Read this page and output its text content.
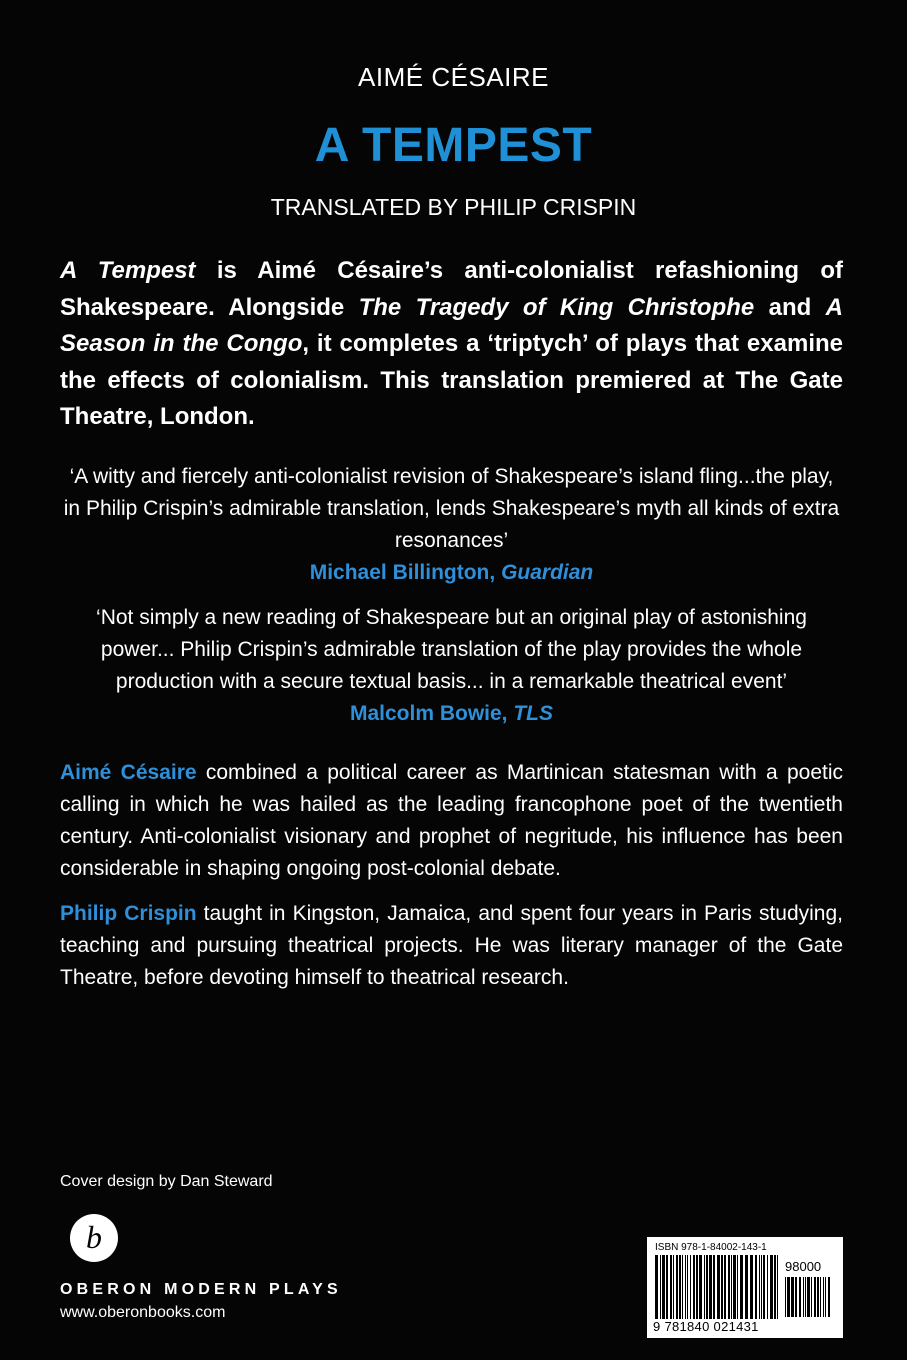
AIMÉ CÉSAIRE
A TEMPEST
TRANSLATED BY PHILIP CRISPIN

A Tempest is Aimé Césaire’s anti-colonialist refashioning of Shakespeare. Alongside The Tragedy of King Christophe and A Season in the Congo, it completes a ‘triptych’ of plays that examine the effects of colonialism. This translation premiered at The Gate Theatre, London.

‘A witty and fiercely anti-colonialist revision of Shakespeare’s island fling...the play, in Philip Crispin’s admirable translation, lends Shakespeare’s myth all kinds of extra resonances’
Michael Billington, Guardian

‘Not simply a new reading of Shakespeare but an original play of astonishing power... Philip Crispin’s admirable translation of the play provides the whole production with a secure textual basis... in a remarkable theatrical event’
Malcolm Bowie, TLS

Aimé Césaire combined a political career as Martinican statesman with a poetic calling in which he was hailed as the leading francophone poet of the twentieth century. Anti-colonialist visionary and prophet of negritude, his influence has been considerable in shaping ongoing post-colonial debate.

Philip Crispin taught in Kingston, Jamaica, and spent four years in Paris studying, teaching and pursuing theatrical projects. He was literary manager of the Gate Theatre, before devoting himself to theatrical research.

Cover design by Dan Steward
b
OBERON MODERN PLAYS
www.oberonbooks.com
ISBN 978-1-84002-143-1
98000
9 781840 021431
